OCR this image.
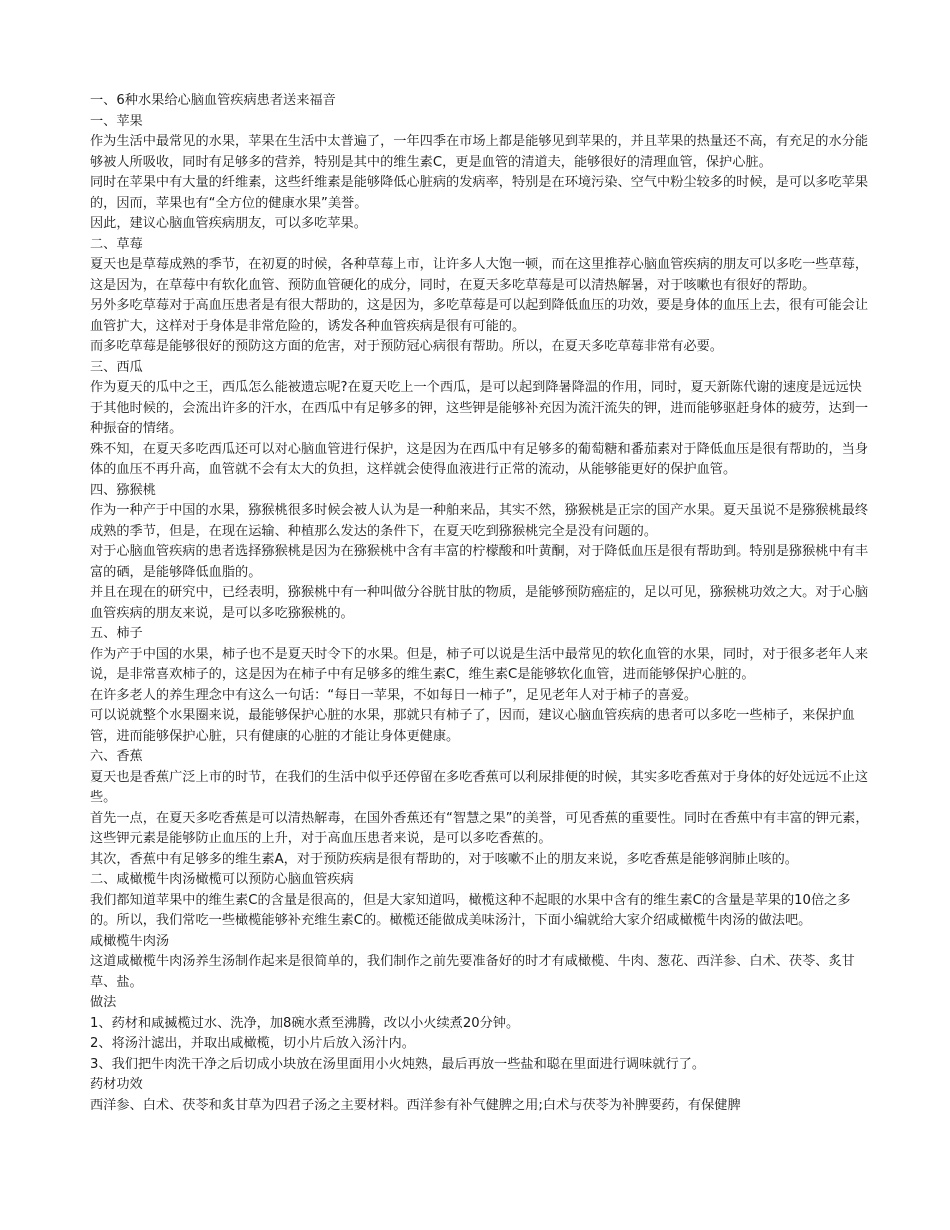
一、6种水果给心脑血管疾病患者送来福音
一、苹果

作为生活中最常见的水果，苹果在生活中太普遍了，一年四季在市场上都是能够见到苹果的，并且苹果的热量还不高，有充足的水分能够被人所吸收，同时有足够多的营养，特别是其中的维生素C，更是血管的清道夫，能够很好的清理血管，保护心脏。

同时在苹果中有大量的纤维素，这些纤维素是能够降低心脏病的发病率，特别是在环境污染、空气中粉尘较多的时候，是可以多吃苹果的，因而，苹果也有“全方位的健康水果”美誉。

因此，建议心脑血管疾病朋友，可以多吃苹果。

二、草莓

夏天也是草莓成熟的季节，在初夏的时候，各种草莓上市，让许多人大饱一顿，而在这里推荐心脑血管疾病的朋友可以多吃一些草莓，这是因为，在草莓中有软化血管、预防血管硬化的成分，同时，在夏天多吃草莓是可以清热解暑，对于咳嗽也有很好的帮助。

另外多吃草莓对于高血压患者是有很大帮助的，这是因为，多吃草莓是可以起到降低血压的功效，要是身体的血压上去，很有可能会让血管扩大，这样对于身体是非常危险的，诱发各种血管疾病是很有可能的。

而多吃草莓是能够很好的预防这方面的危害，对于预防冠心病很有帮助。所以，在夏天多吃草莓非常有必要。

三、西瓜

作为夏天的瓜中之王，西瓜怎么能被遗忘呢?在夏天吃上一个西瓜，是可以起到降暑降温的作用，同时，夏天新陈代谢的速度是远远快于其他时候的，会流出许多的汗水，在西瓜中有足够多的钾，这些钾是能够补充因为流汗流失的钾，进而能够驱赶身体的疲劳，达到一种振奋的情绪。

殊不知，在夏天多吃西瓜还可以对心脑血管进行保护，这是因为在西瓜中有足够多的葡萄糖和番茄素对于降低血压是很有帮助的，当身体的血压不再升高，血管就不会有太大的负担，这样就会使得血液进行正常的流动，从能够能更好的保护血管。

四、猕猴桃

作为一种产于中国的水果，猕猴桃很多时候会被人认为是一种舶来品，其实不然，猕猴桃是正宗的国产水果。夏天虽说不是猕猴桃最终成熟的季节，但是，在现在运输、种植那么发达的条件下，在夏天吃到猕猴桃完全是没有问题的。

对于心脑血管疾病的患者选择猕猴桃是因为在猕猴桃中含有丰富的柠檬酸和叶黄酮，对于降低血压是很有帮助到。特别是猕猴桃中有丰富的硒，是能够降低血脂的。

并且在现在的研究中，已经表明，猕猴桃中有一种叫做分谷胱甘肽的物质，是能够预防癌症的，足以可见，猕猴桃功效之大。对于心脑血管疾病的朋友来说，是可以多吃猕猴桃的。

五、柿子

作为产于中国的水果，柿子也不是夏天时令下的水果。但是，柿子可以说是生活中最常见的软化血管的水果，同时，对于很多老年人来说，是非常喜欢柿子的，这是因为在柿子中有足够多的维生素C，维生素C是能够软化血管，进而能够保护心脏的。

在许多老人的养生理念中有这么一句话：“每日一苹果，不如每日一柿子”，足见老年人对于柿子的喜爱。

可以说就整个水果圈来说，最能够保护心脏的水果，那就只有柿子了，因而，建议心脑血管疾病的患者可以多吃一些柿子，来保护血管，进而能够保护心脏，只有健康的心脏的才能让身体更健康。

六、香蕉

夏天也是香蕉广泛上市的时节，在我们的生活中似乎还停留在多吃香蕉可以利尿排便的时候，其实多吃香蕉对于身体的好处远远不止这些。

首先一点，在夏天多吃香蕉是可以清热解毒，在国外香蕉还有“智慧之果”的美誉，可见香蕉的重要性。同时在香蕉中有丰富的钾元素，这些钾元素是能够防止血压的上升，对于高血压患者来说，是可以多吃香蕉的。

其次，香蕉中有足够多的维生素A，对于预防疾病是很有帮助的，对于咳嗽不止的朋友来说，多吃香蕉是能够润肺止咳的。

二、咸橄榄牛肉汤橄榄可以预防心脑血管疾病

我们都知道苹果中的维生素C的含量是很高的，但是大家知道吗，橄榄这种不起眼的水果中含有的维生素C的含量是苹果的10倍之多的。所以，我们常吃一些橄榄能够补充维生素C的。橄榄还能做成美味汤汁，下面小编就给大家介绍咸橄榄牛肉汤的做法吧。

咸橄榄牛肉汤

这道咸橄榄牛肉汤养生汤制作起来是很简单的，我们制作之前先要准备好的时才有咸橄榄、牛肉、葱花、西洋参、白术、茯苓、炙甘草、盐。

做法

1、药材和咸揻榄过水、洗净，加8碗水煮至沸腾，改以小火续煮20分钟。

2、将汤汁滤出，并取出咸橄榄，切小片后放入汤汁内。

3、我们把牛肉洗干净之后切成小块放在汤里面用小火炖熟，最后再放一些盐和聪在里面进行调味就行了。

药材功效

西洋参、白术、茯苓和炙甘草为四君子汤之主要材料。西洋参有补气健脾之用;白术与茯苓为补脾要药，有保健脾
